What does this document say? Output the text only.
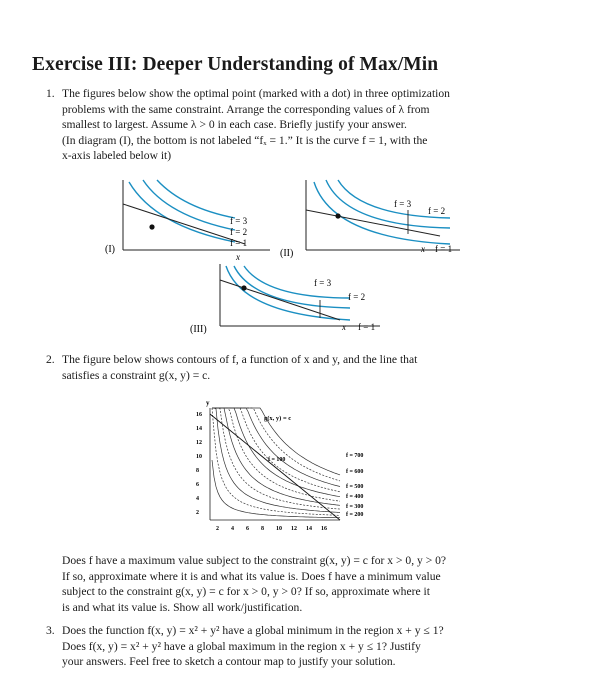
Exercise III: Deeper Understanding of Max/Min
1. The figures below show the optimal point (marked with a dot) in three optimization

problems with the same constraint. Arrange the corresponding values of λ from

smallest to largest. Assume λ > 0 in each case. Briefly justify your answer.

(In diagram (I), the bottom is not labeled “fₓ = 1.” It is the curve f = 1, with the

x-axis labeled below it)

f = 3
f = 2
f = 1
x
(I)
f = 3
f = 2
f = 1
x
(II)
f = 3
f = 2
f = 1
x
(III)
2. The figure below shows contours of f, a function of x and y, and the line that

satisfies a constraint g(x, y) = c.

y
16
14
12
10
8
6
4
2
2 4 6 8 10 12 14 16
g(x, y) = c
f = 100
f = 700
f = 600
f = 500
f = 400
f = 300
f = 200

Does f have a maximum value subject to the constraint g(x, y) = c for x > 0, y > 0?

If so, approximate where it is and what its value is. Does f have a minimum value

subject to the constraint g(x, y) = c for x > 0, y > 0? If so, approximate where it

is and what its value is. Show all work/justification.

3. Does the function f(x, y) = x² + y² have a global minimum in the region x + y ≤ 1?

Does f(x, y) = x² + y² have a global maximum in the region x + y ≤ 1? Justify

your answers. Feel free to sketch a contour map to justify your solution.
